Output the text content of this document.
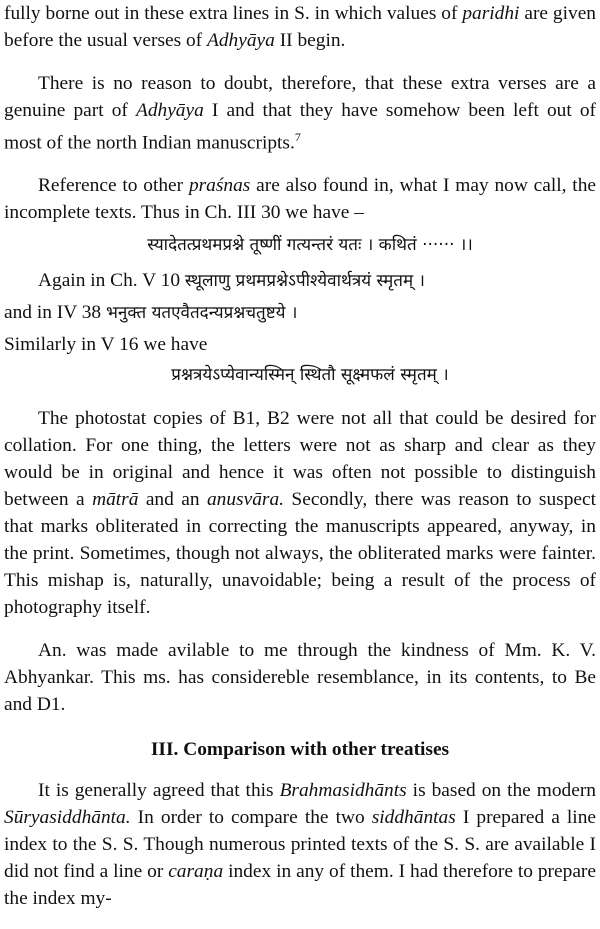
fully borne out in these extra lines in S. in which values of paridhi are given before the usual verses of Adhyāya II begin.

There is no reason to doubt, therefore, that these extra verses are a genuine part of Adhyāya I and that they have somehow been left out of most of the north Indian manuscripts.$^7$

Reference to other praśnas are also found in, what I may now call, the incomplete texts. Thus in Ch. III 30 we have –

स्यादेतत्प्रथमप्रश्ने तूष्णीं गत्यन्तरं यतः । कथितं ······ ।।

Again in Ch. V 10 स्थूलाणु प्रथमप्रश्नेऽपीश्येवार्थत्रयं स्मृतम् ।

and in IV 38 भनुक्त यतएवैतदन्यप्रश्नचतुष्टये ।

Similarly in V 16 we have

प्रश्नत्रयेऽप्येवान्यस्मिन् स्थितौ सूक्ष्मफलं स्मृतम् ।

The photostat copies of B1, B2 were not all that could be desired for collation. For one thing, the letters were not as sharp and clear as they would be in original and hence it was often not possible to distinguish between a mātrā and an anusvāra. Secondly, there was reason to suspect that marks obliterated in correcting the manuscripts appeared, anyway, in the print. Sometimes, though not always, the obliterated marks were fainter. This mishap is, naturally, unavoidable; being a result of the process of photography itself.

An. was made avilable to me through the kindness of Mm. K. V. Abhyankar. This ms. has considereble resemblance, in its contents, to Be and D1.

III. Comparison with other treatises

It is generally agreed that this Brahmasidhānts is based on the modern Sūryasiddhānta. In order to compare the two siddhāntas I prepared a line index to the S. S. Though numerous printed texts of the S. S. are available I did not find a line or caraṇa index in any of them. I had therefore to prepare the index my-
